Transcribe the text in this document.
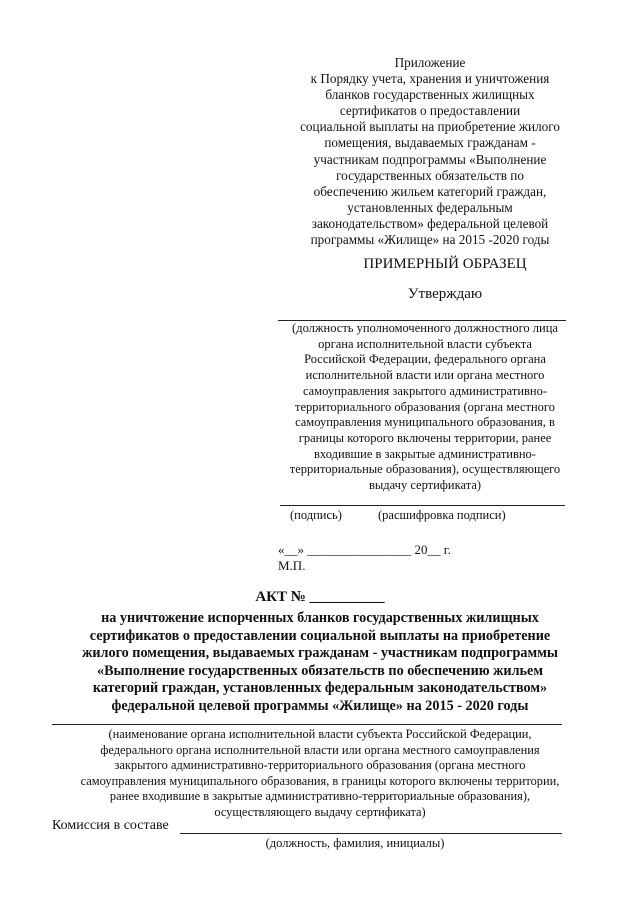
Приложение
к Порядку учета, хранения и уничтожения
бланков государственных жилищных
сертификатов о предоставлении
социальной выплаты на приобретение жилого
помещения, выдаваемых гражданам -
участникам подпрограммы «Выполнение
государственных обязательств по
обеспечению жильем категорий граждан,
установленных федеральным
законодательством» федеральной целевой
программы «Жилище» на 2015 -2020 годы
ПРИМЕРНЫЙ ОБРАЗЕЦ
Утверждаю
(должность уполномоченного должностного лица
органа исполнительной власти субъекта
Российской Федерации, федерального органа
исполнительной власти или органа местного
самоуправления закрытого административно-
территориального образования (органа местного
самоуправления муниципального образования, в
границы которого включены территории, ранее
входившие в закрытые административно-
территориальные образования), осуществляющего
выдачу сертификата)
(подпись)	(расшифровка подписи)
«__» ________________ 20__ г.
М.П.
АКТ № __________
на уничтожение испорченных бланков государственных жилищных
сертификатов о предоставлении социальной выплаты на приобретение
жилого помещения, выдаваемых гражданам - участникам подпрограммы
«Выполнение государственных обязательств по обеспечению жильем
категорий граждан, установленных федеральным законодательством»
федеральной целевой программы «Жилище» на 2015 - 2020 годы
(наименование органа исполнительной власти субъекта Российской Федерации,
федерального органа исполнительной власти или органа местного самоуправления
закрытого административно-территориального образования (органа местного
самоуправления муниципального образования, в границы которого включены территории,
ранее входившие в закрытые административно-территориальные образования),
осуществляющего выдачу сертификата)
Комиссия в составе
(должность, фамилия, инициалы)
